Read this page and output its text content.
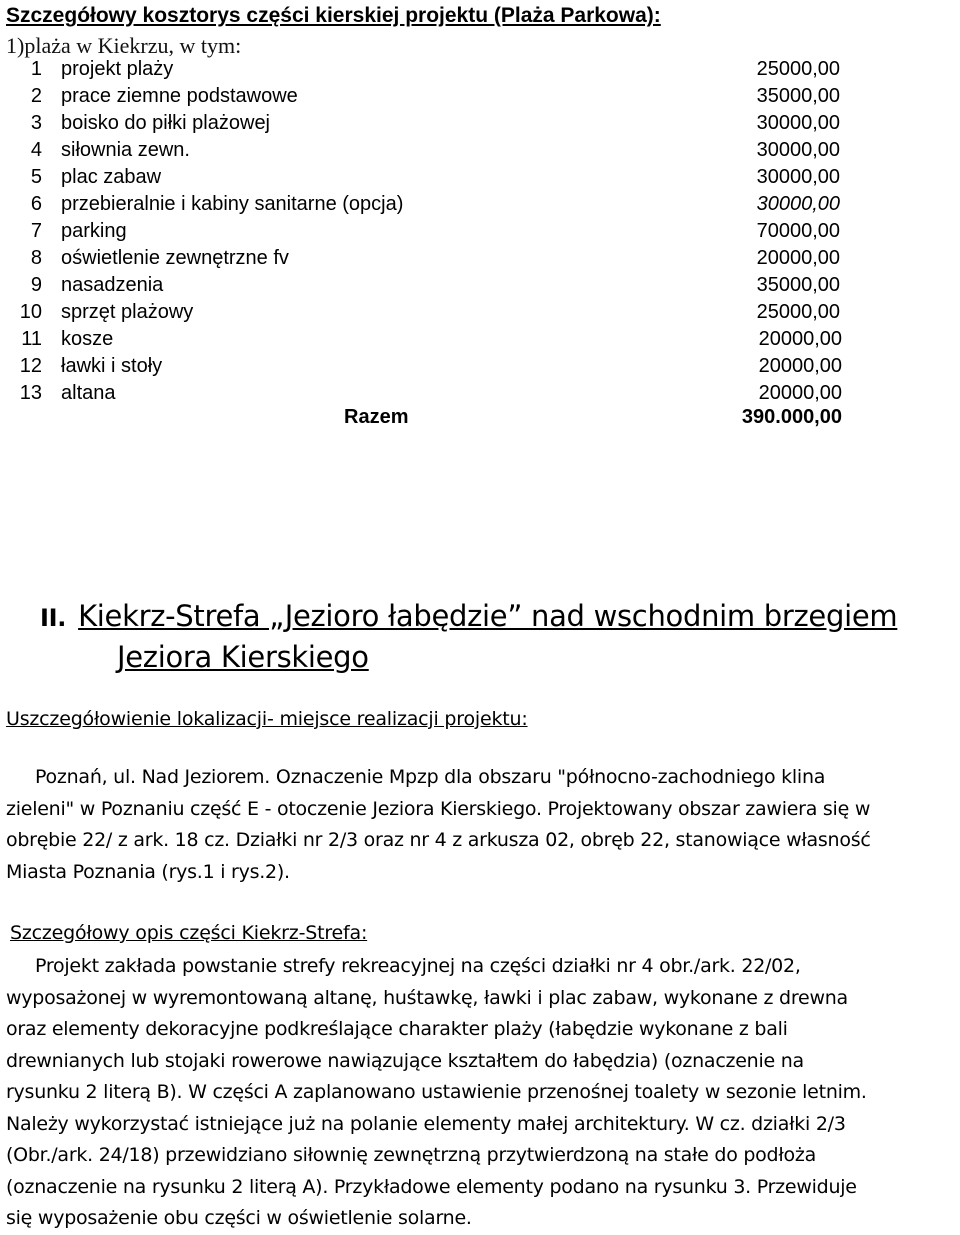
Szczegółowy kosztorys części kierskiej projektu (Plaża Parkowa):
1)plaża w Kiekrzu, w tym:
1 projekt plaży	25000,00
2 prace ziemne podstawowe	35000,00
3 boisko do piłki plażowej	30000,00
4 siłownia zewn.	30000,00
5 plac zabaw	30000,00
6 przebieralnie i kabiny sanitarne (opcja)	30000,00
7 parking	70000,00
8 oświetlenie zewnętrzne fv	20000,00
9 nasadzenia	35000,00
10 sprzęt plażowy	25000,00
11 kosze	20000,00
12 ławki i stoły	20000,00
13 altana	20000,00
Razem	390.000,00
II. Kiekrz-Strefa „Jezioro łabędzie” nad wschodnim brzegiem
Jeziora Kierskiego
Uszczegółowienie lokalizacji- miejsce realizacji projektu:
Poznań, ul. Nad Jeziorem. Oznaczenie Mpzp dla obszaru "północno-zachodniego klina
zieleni" w Poznaniu część E - otoczenie Jeziora Kierskiego. Projektowany obszar zawiera się w
obrębie 22/ z ark. 18 cz. Działki nr 2/3 oraz nr 4 z arkusza 02, obręb 22, stanowiące własność
Miasta Poznania (rys.1 i rys.2).
Szczegółowy opis części Kiekrz-Strefa:
Projekt zakłada powstanie strefy rekreacyjnej na części działki nr 4 obr./ark. 22/02,
wyposażonej w wyremontowaną altanę, huśtawkę, ławki i plac zabaw, wykonane z drewna
oraz elementy dekoracyjne podkreślające charakter plaży (łabędzie wykonane z bali
drewnianych lub stojaki rowerowe nawiązujące kształtem do łabędzia) (oznaczenie na
rysunku 2 literą B). W części A zaplanowano ustawienie przenośnej toalety w sezonie letnim.
Należy wykorzystać istniejące już na polanie elementy małej architektury. W cz. działki 2/3
(Obr./ark. 24/18) przewidziano siłownię zewnętrzną przytwierdzoną na stałe do podłoża
(oznaczenie na rysunku 2 literą A). Przykładowe elementy podano na rysunku 3. Przewiduje
się wyposażenie obu części w oświetlenie solarne.
